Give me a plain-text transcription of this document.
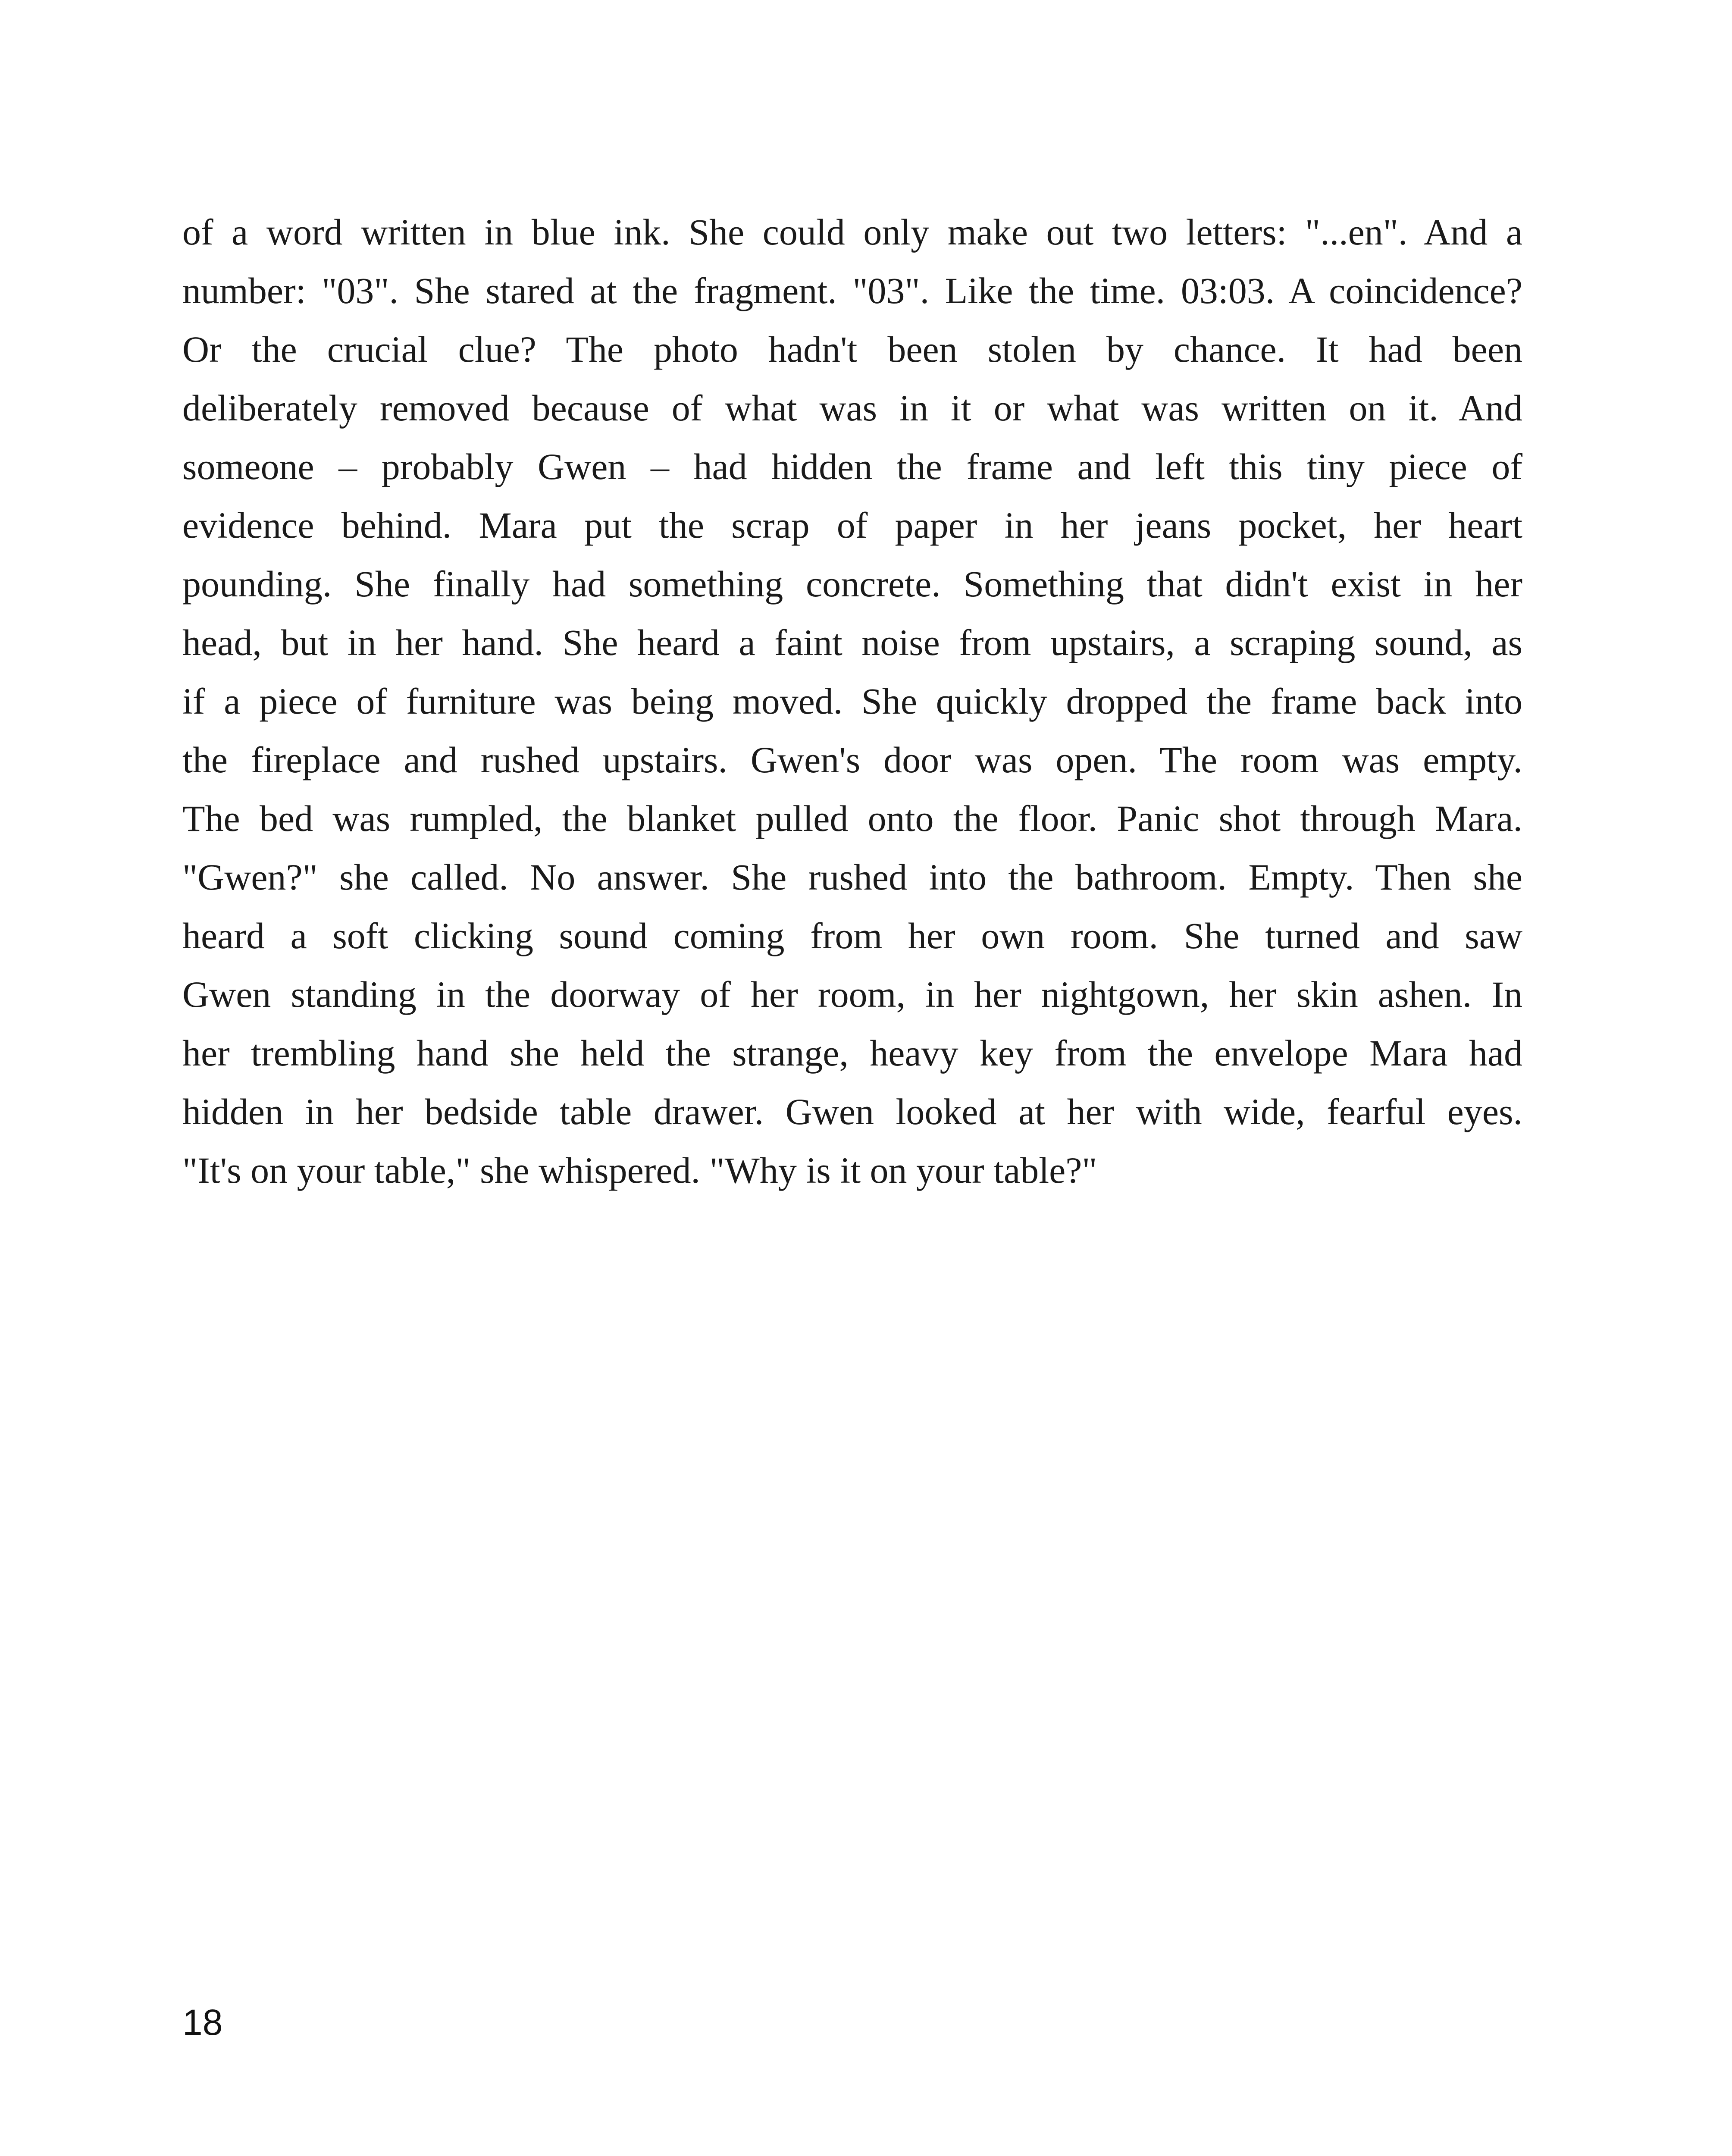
of a word written in blue ink. She could only make out two letters: "...en". And a
number: "03". She stared at the fragment. "03". Like the time. 03:03. A coincidence?
Or the crucial clue? The photo hadn't been stolen by chance. It had been
deliberately removed because of what was in it or what was written on it. And
someone – probably Gwen – had hidden the frame and left this tiny piece of
evidence behind. Mara put the scrap of paper in her jeans pocket, her heart
pounding. She finally had something concrete. Something that didn't exist in her
head, but in her hand. She heard a faint noise from upstairs, a scraping sound, as
if a piece of furniture was being moved. She quickly dropped the frame back into
the fireplace and rushed upstairs. Gwen's door was open. The room was empty.
The bed was rumpled, the blanket pulled onto the floor. Panic shot through Mara.
"Gwen?" she called. No answer. She rushed into the bathroom. Empty. Then she
heard a soft clicking sound coming from her own room. She turned and saw
Gwen standing in the doorway of her room, in her nightgown, her skin ashen. In
her trembling hand she held the strange, heavy key from the envelope Mara had
hidden in her bedside table drawer. Gwen looked at her with wide, fearful eyes.
"It's on your table," she whispered. "Why is it on your table?"
18
